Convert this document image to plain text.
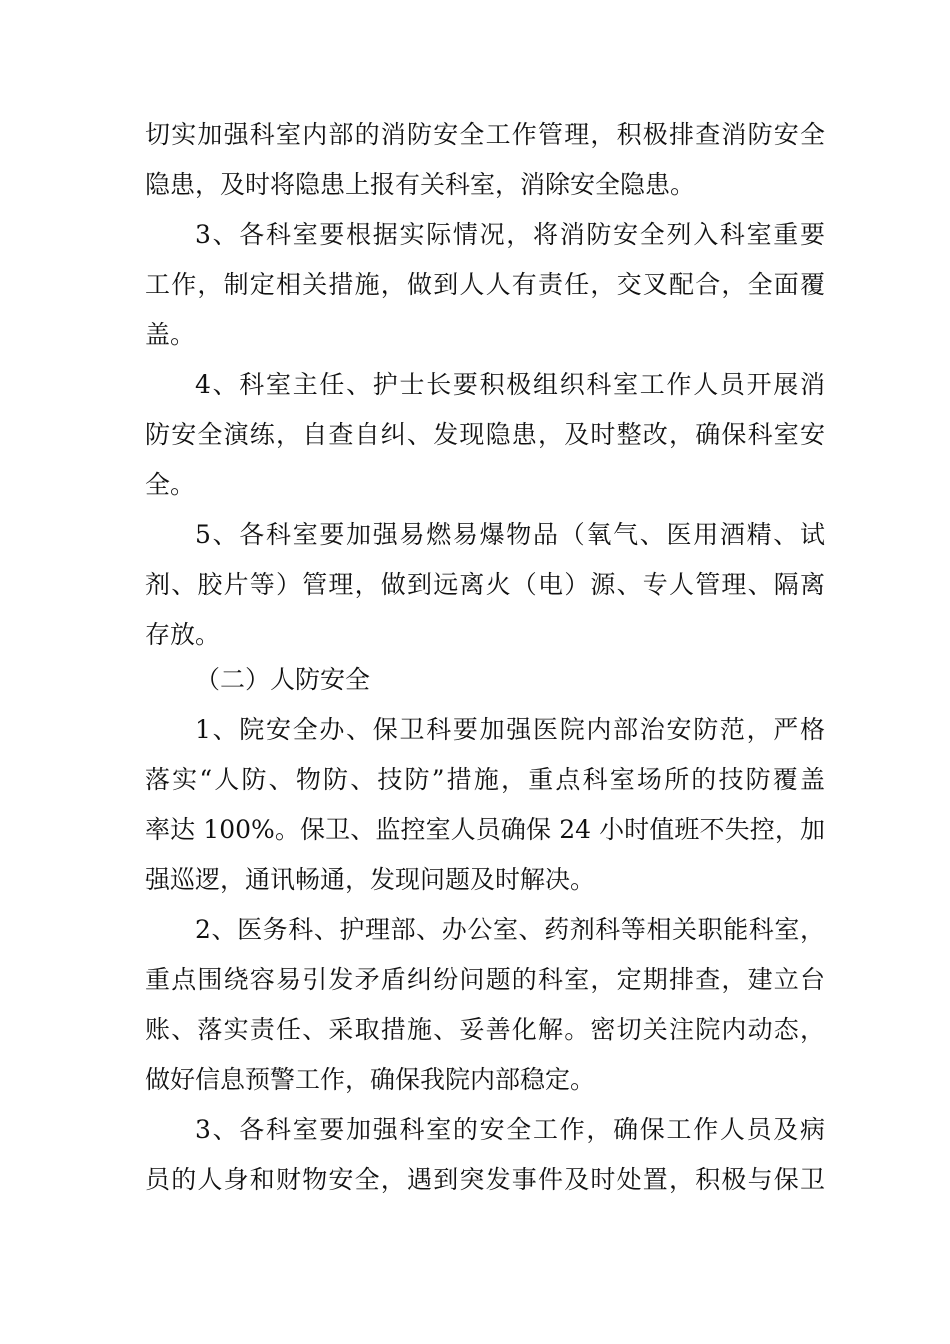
切实加强科室内部的消防安全工作管理，积极排查消防安全
隐患，及时将隐患上报有关科室，消除安全隐患。
3、各科室要根据实际情况，将消防安全列入科室重要
工作，制定相关措施，做到人人有责任，交叉配合，全面覆
盖。
4、科室主任、护士长要积极组织科室工作人员开展消
防安全演练，自查自纠、发现隐患，及时整改，确保科室安
全。
5、各科室要加强易燃易爆物品（氧气、医用酒精、试
剂、胶片等）管理，做到远离火（电）源、专人管理、隔离
存放。
（二）人防安全
1、院安全办、保卫科要加强医院内部治安防范，严格
落实“人防、物防、技防”措施，重点科室场所的技防覆盖
率达 100%。保卫、监控室人员确保 24 小时值班不失控，加
强巡逻，通讯畅通，发现问题及时解决。
2、医务科、护理部、办公室、药剂科等相关职能科室，
重点围绕容易引发矛盾纠纷问题的科室，定期排查，建立台
账、落实责任、采取措施、妥善化解。密切关注院内动态，
做好信息预警工作，确保我院内部稳定。
3、各科室要加强科室的安全工作，确保工作人员及病
员的人身和财物安全，遇到突发事件及时处置，积极与保卫
